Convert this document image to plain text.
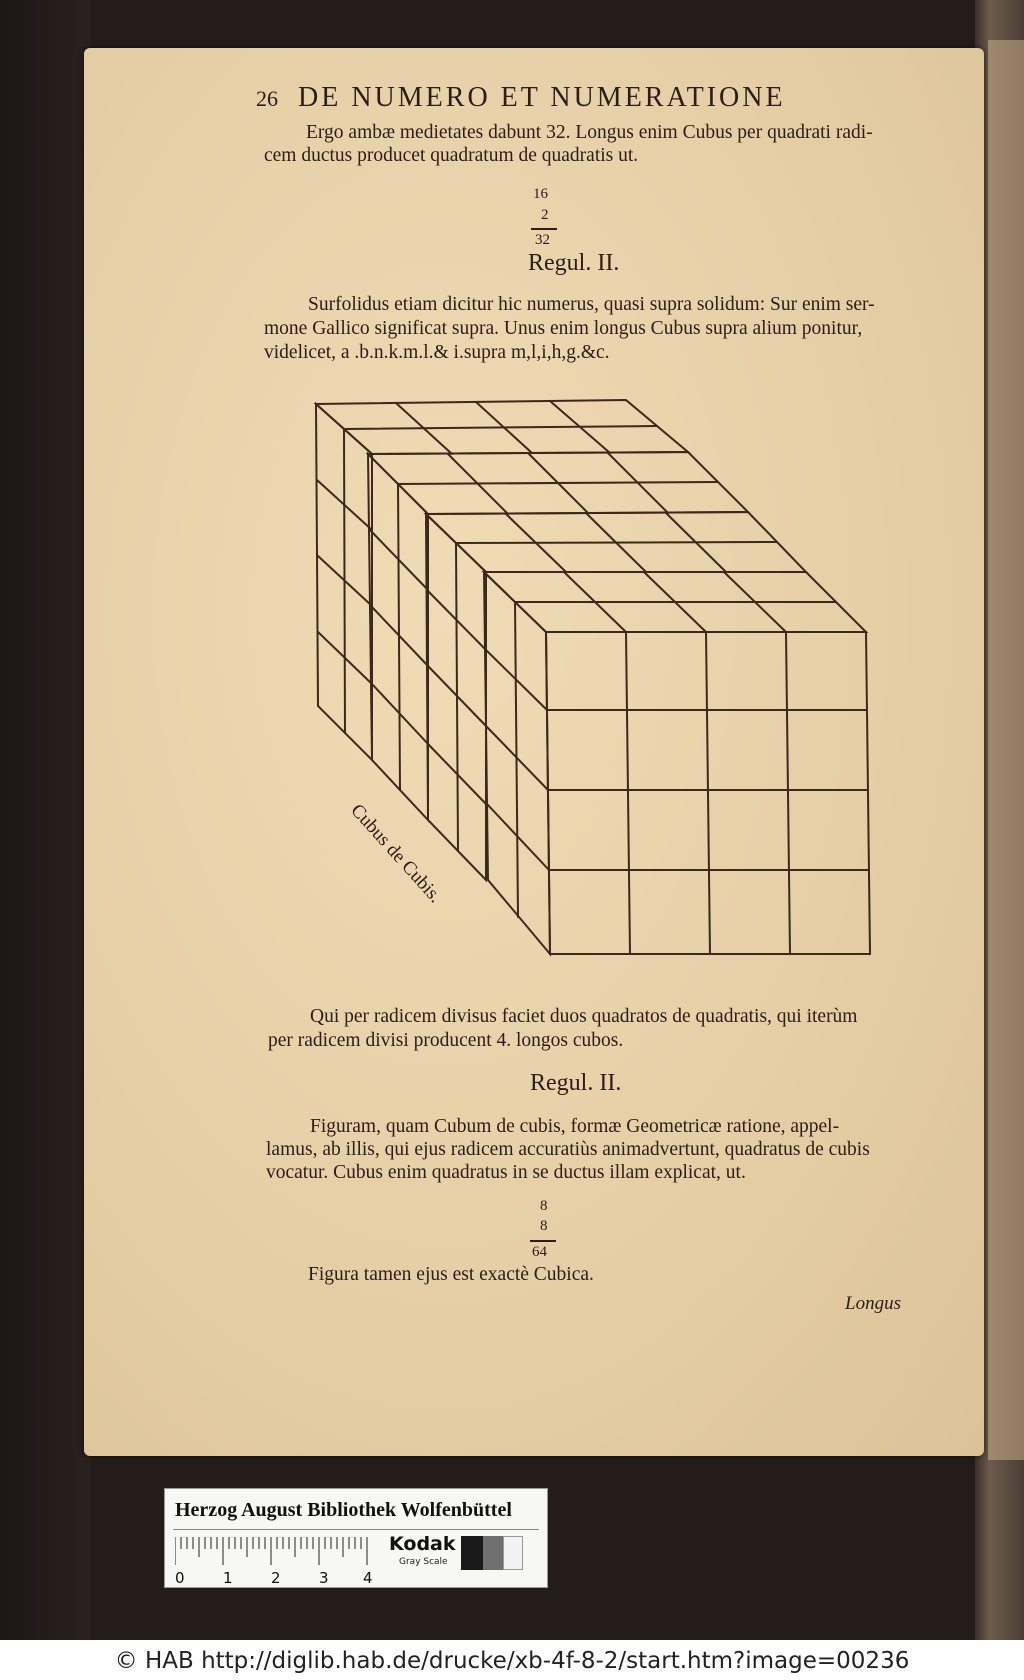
26 DE NUMERO ET NUMERATIONE
Ergo ambæ medietates dabunt 32. Longus enim Cubus per quadrati radi-
cem ductus producet quadratum de quadratis ut.
16
2
32
Regul. II.
Surfolidus etiam dicitur hic numerus, quasi supra solidum: Sur enim ser-
mone Gallico significat supra. Unus enim longus Cubus supra alium ponitur,
videlicet, a .b.n.k.m.l.& i.supra m,l,i,h,g.&c.
Cubus de Cubis.
Qui per radicem divisus faciet duos quadratos de quadratis, qui iterùm
per radicem divisi producent 4. longos cubos.
Regul. II.
Figuram, quam Cubum de cubis, formæ Geometricæ ratione, appel-
lamus, ab illis, qui ejus radicem accuratiùs animadvertunt, quadratus de cubis
vocatur. Cubus enim quadratus in se ductus illam explicat, ut.
8
8
64
Figura tamen ejus est exactè Cubica.
Longus
Herzog August Bibliothek Wolfenbüttel
0	1	2	3 4
Kodak
Gray Scale
© HAB http://diglib.hab.de/drucke/xb-4f-8-2/start.htm?image=00236
